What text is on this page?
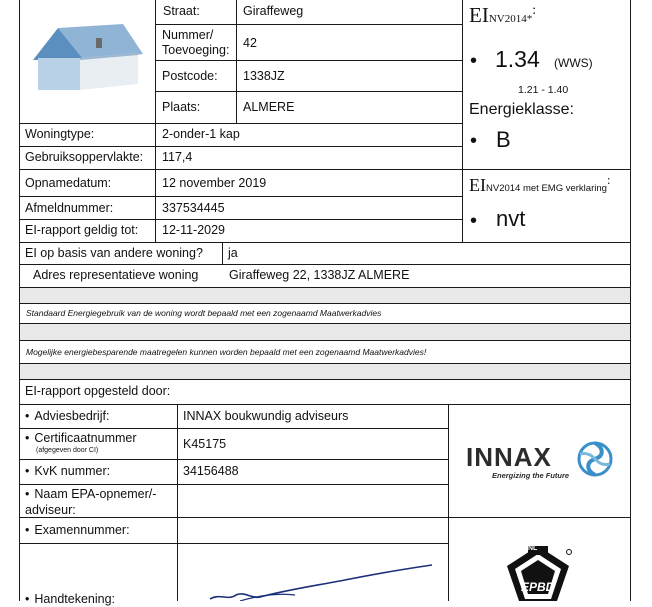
Straat:	Giraffeweg
Nummer/ Toevoeging:	42
Postcode: 1338JZ
Plaats:	ALMERE
EINV2014*:
• 1.34 (WWS)
1.21 - 1.40
Energieklasse:
• B
EINV2014 met EMG verklaring:
• nvt
Woningtype:	2-onder-1 kap
Gebruiksoppervlakte: 117,4
Opnamedatum:	12 november 2019
Afmeldnummer:	337534445
EI-rapport geldig tot: 12-11-2029
EI op basis van andere woning? ja
Adres representatieve woning Giraffeweg 22, 1338JZ ALMERE
Standaard Energiegebruik van de woning wordt bepaald met een zogenaamd Maatwerkadvies
Mogelijke energiebesparende maatregelen kunnen worden bepaald met een zogenaamd Maatwerkadvies!
EI-rapport opgesteld door:
• Adviesbedrijf:	INNAX boukwundig adviseurs
• Certificaatnummer
(afgegeven door CI)	K45175
• KvK nummer:	34156488
• Naam EPA-opnemer/- adviseur:
• Examennummer:
• Handtekening:
INNAX
Energizing the Future
NL
EPBD
